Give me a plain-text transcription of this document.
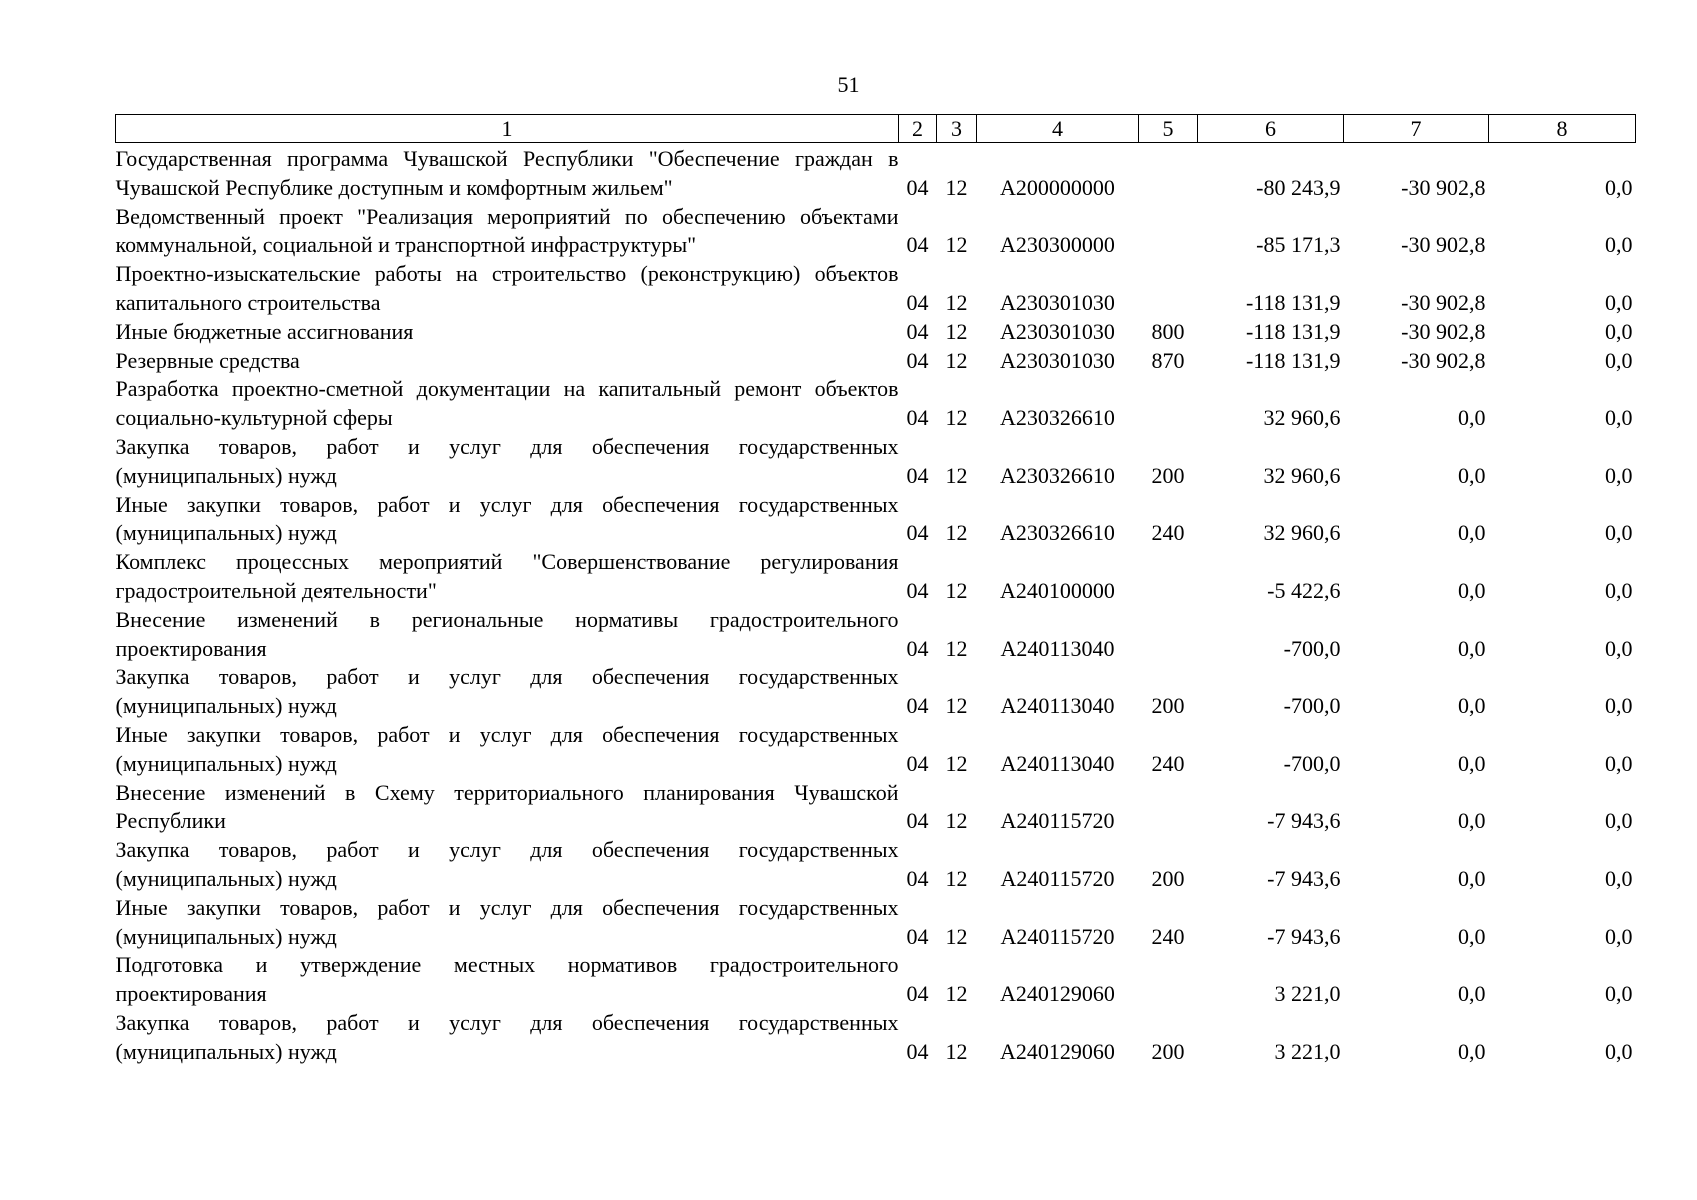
51
1	2	3	4	5	6	7	8
Государственная программа Чувашской Республики "Обеспечение граждан в Чувашской Республике доступным и комфортным жильем"	04	12	А200000000		-80 243,9	-30 902,8	0,0
Ведомственный проект "Реализация мероприятий по обеспечению объектами коммунальной, социальной и транспортной инфраструктуры"	04	12	А230300000		-85 171,3	-30 902,8	0,0
Проектно-изыскательские работы на строительство (реконструкцию) объектов капитального строительства	04	12	А230301030		-118 131,9	-30 902,8	0,0
Иные бюджетные ассигнования	04	12	А230301030	800	-118 131,9	-30 902,8	0,0
Резервные средства	04	12	А230301030	870	-118 131,9	-30 902,8	0,0
Разработка проектно-сметной документации на капитальный ремонт объектов социально-культурной сферы	04	12	А230326610		32 960,6	0,0	0,0
Закупка товаров, работ и услуг для обеспечения государственных (муниципальных) нужд	04	12	А230326610	200	32 960,6	0,0	0,0
Иные закупки товаров, работ и услуг для обеспечения государственных (муниципальных) нужд	04	12	А230326610	240	32 960,6	0,0	0,0
Комплекс процессных мероприятий "Совершенствование регулирования градостроительной деятельности"	04	12	А240100000		-5 422,6	0,0	0,0
Внесение изменений в региональные нормативы градостроительного проектирования	04	12	А240113040		-700,0	0,0	0,0
Закупка товаров, работ и услуг для обеспечения государственных (муниципальных) нужд	04	12	А240113040	200	-700,0	0,0	0,0
Иные закупки товаров, работ и услуг для обеспечения государственных (муниципальных) нужд	04	12	А240113040	240	-700,0	0,0	0,0
Внесение изменений в Схему территориального планирования Чувашской Республики	04	12	А240115720		-7 943,6	0,0	0,0
Закупка товаров, работ и услуг для обеспечения государственных (муниципальных) нужд	04	12	А240115720	200	-7 943,6	0,0	0,0
Иные закупки товаров, работ и услуг для обеспечения государственных (муниципальных) нужд	04	12	А240115720	240	-7 943,6	0,0	0,0
Подготовка и утверждение местных нормативов градостроительного проектирования	04	12	А240129060		3 221,0	0,0	0,0
Закупка товаров, работ и услуг для обеспечения государственных (муниципальных) нужд	04	12	А240129060	200	3 221,0	0,0	0,0
